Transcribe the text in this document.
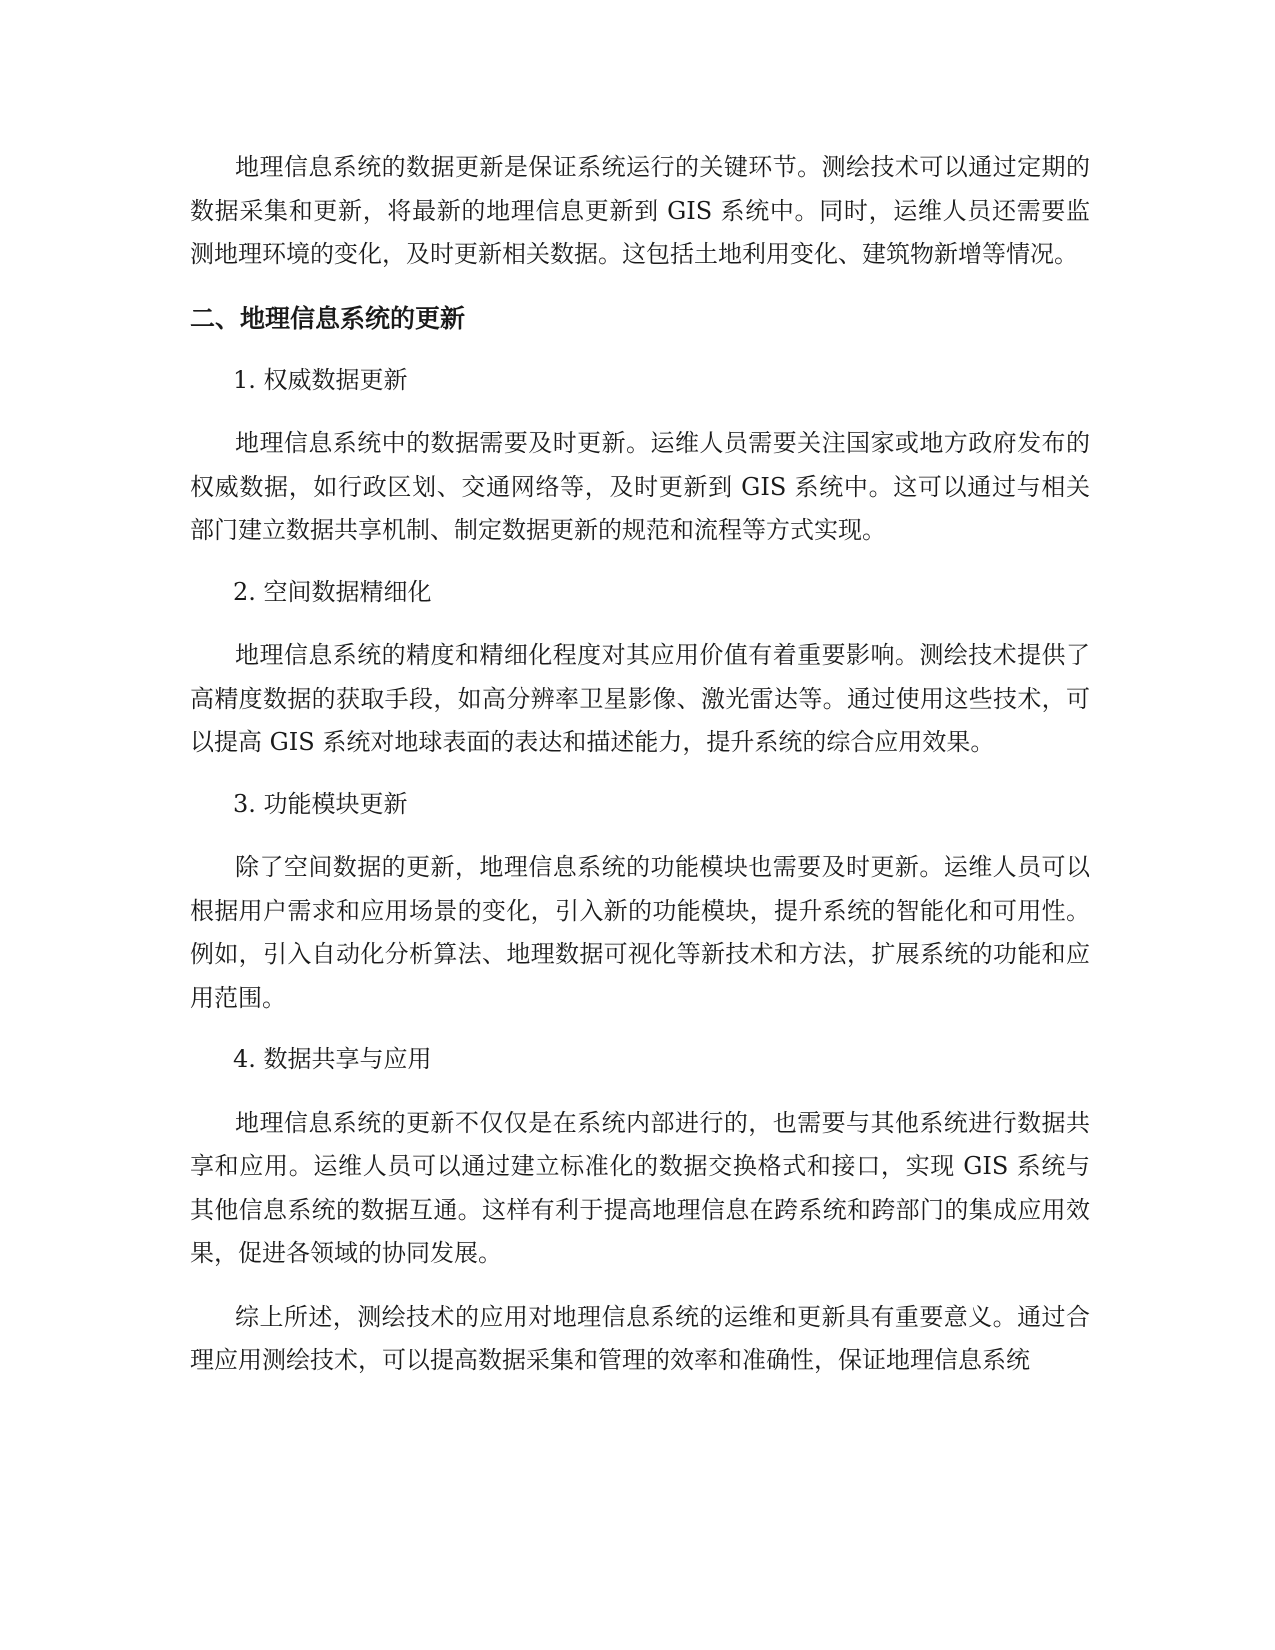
地理信息系统的数据更新是保证系统运行的关键环节。测绘技术可以通过定期的数据采集和更新，将最新的地理信息更新到 GIS 系统中。同时，运维人员还需要监测地理环境的变化，及时更新相关数据。这包括土地利用变化、建筑物新增等情况。

二、地理信息系统的更新

1. 权威数据更新

地理信息系统中的数据需要及时更新。运维人员需要关注国家或地方政府发布的权威数据，如行政区划、交通网络等，及时更新到 GIS 系统中。这可以通过与相关部门建立数据共享机制、制定数据更新的规范和流程等方式实现。

2. 空间数据精细化

地理信息系统的精度和精细化程度对其应用价值有着重要影响。测绘技术提供了高精度数据的获取手段，如高分辨率卫星影像、激光雷达等。通过使用这些技术，可以提高 GIS 系统对地球表面的表达和描述能力，提升系统的综合应用效果。

3. 功能模块更新

除了空间数据的更新，地理信息系统的功能模块也需要及时更新。运维人员可以根据用户需求和应用场景的变化，引入新的功能模块，提升系统的智能化和可用性。例如，引入自动化分析算法、地理数据可视化等新技术和方法，扩展系统的功能和应用范围。

4. 数据共享与应用

地理信息系统的更新不仅仅是在系统内部进行的，也需要与其他系统进行数据共享和应用。运维人员可以通过建立标准化的数据交换格式和接口，实现 GIS 系统与其他信息系统的数据互通。这样有利于提高地理信息在跨系统和跨部门的集成应用效果，促进各领域的协同发展。

综上所述，测绘技术的应用对地理信息系统的运维和更新具有重要意义。通过合理应用测绘技术，可以提高数据采集和管理的效率和准确性，保证地理信息系统
